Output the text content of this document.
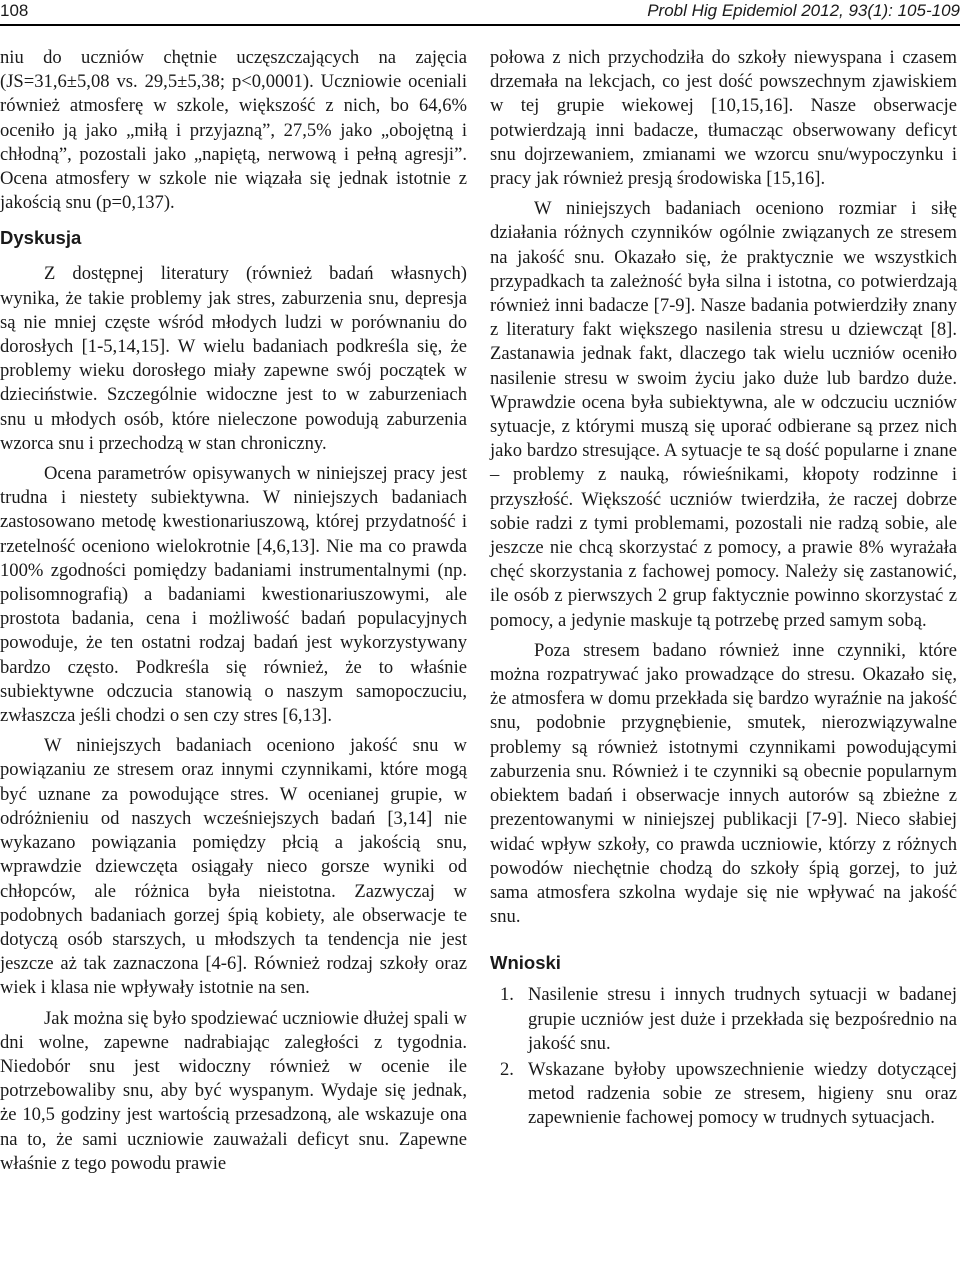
108	Probl Hig Epidemiol 2012, 93(1): 105-109

niu do uczniów chętnie uczęszczających na zajęcia (JS=31,6±5,08 vs. 29,5±5,38; p<0,0001). Uczniowie oceniali również atmosferę w szkole, większość z nich, bo 64,6% oceniło ją jako „miłą i przyjazną”, 27,5% jako „obojętną i chłodną”, pozostali jako „napiętą, nerwową i pełną agresji”. Ocena atmosfery w szkole nie wiązała się jednak istotnie z jakością snu (p=0,137).

Dyskusja

Z dostępnej literatury (również badań własnych) wynika, że takie problemy jak stres, zaburzenia snu, depresja są nie mniej częste wśród młodych ludzi w porównaniu do dorosłych [1-5,14,15]. W wielu badaniach podkreśla się, że problemy wieku dorosłego miały zapewne swój początek w dzieciństwie. Szczególnie widoczne jest to w zaburzeniach snu u młodych osób, które nieleczone powodują zaburzenia wzorca snu i przechodzą w stan chroniczny.

Ocena parametrów opisywanych w niniejszej pracy jest trudna i niestety subiektywna. W niniejszych badaniach zastosowano metodę kwestionariuszową, której przydatność i rzetelność oceniono wielokrotnie [4,6,13]. Nie ma co prawda 100% zgodności pomiędzy badaniami instrumentalnymi (np. polisomnografią) a badaniami kwestionariuszowymi, ale prostota badania, cena i możliwość badań populacyjnych powoduje, że ten ostatni rodzaj badań jest wykorzystywany bardzo często. Podkreśla się również, że to właśnie subiektywne odczucia stanowią o naszym samopoczuciu, zwłaszcza jeśli chodzi o sen czy stres [6,13].

W niniejszych badaniach oceniono jakość snu w powiązaniu ze stresem oraz innymi czynnikami, które mogą być uznane za powodujące stres. W ocenianej grupie, w odróżnieniu od naszych wcześniejszych badań [3,14] nie wykazano powiązania pomiędzy płcią a jakością snu, wprawdzie dziewczęta osiągały nieco gorsze wyniki od chłopców, ale różnica była nieistotna. Zazwyczaj w podobnych badaniach gorzej śpią kobiety, ale obserwacje te dotyczą osób starszych, u młodszych ta tendencja nie jest jeszcze aż tak zaznaczona [4-6]. Również rodzaj szkoły oraz wiek i klasa nie wpływały istotnie na sen.

Jak można się było spodziewać uczniowie dłużej spali w dni wolne, zapewne nadrabiając zaległości z tygodnia. Niedobór snu jest widoczny również w ocenie ile potrzebowaliby snu, aby być wyspanym. Wydaje się jednak, że 10,5 godziny jest wartością przesadzoną, ale wskazuje ona na to, że sami uczniowie zauważali deficyt snu. Zapewne właśnie z tego powodu prawie

połowa z nich przychodziła do szkoły niewyspana i czasem drzemała na lekcjach, co jest dość powszechnym zjawiskiem w tej grupie wiekowej [10,15,16]. Nasze obserwacje potwierdzają inni badacze, tłumacząc obserwowany deficyt snu dojrzewaniem, zmianami we wzorcu snu/wypoczynku i pracy jak również presją środowiska [15,16].

W niniejszych badaniach oceniono rozmiar i siłę działania różnych czynników ogólnie związanych ze stresem na jakość snu. Okazało się, że praktycznie we wszystkich przypadkach ta zależność była silna i istotna, co potwierdzają również inni badacze [7-9]. Nasze badania potwierdziły znany z literatury fakt większego nasilenia stresu u dziewcząt [8]. Zastanawia jednak fakt, dlaczego tak wielu uczniów oceniło nasilenie stresu w swoim życiu jako duże lub bardzo duże. Wprawdzie ocena była subiektywna, ale w odczuciu uczniów sytuacje, z którymi muszą się uporać odbierane są przez nich jako bardzo stresujące. A sytuacje te są dość popularne i znane – problemy z nauką, rówieśnikami, kłopoty rodzinne i przyszłość. Większość uczniów twierdziła, że raczej dobrze sobie radzi z tymi problemami, pozostali nie radzą sobie, ale jeszcze nie chcą skorzystać z pomocy, a prawie 8% wyrażała chęć skorzystania z fachowej pomocy. Należy się zastanowić, ile osób z pierwszych 2 grup faktycznie powinno skorzystać z pomocy, a jedynie maskuje tą potrzebę przed samym sobą.

Poza stresem badano również inne czynniki, które można rozpatrywać jako prowadzące do stresu. Okazało się, że atmosfera w domu przekłada się bardzo wyraźnie na jakość snu, podobnie przygnębienie, smutek, nierozwiązywalne problemy są również istotnymi czynnikami powodującymi zaburzenia snu. Również i te czynniki są obecnie popularnym obiektem badań i obserwacje innych autorów są zbieżne z prezentowanymi w niniejszej publikacji [7-9]. Nieco słabiej widać wpływ szkoły, co prawda uczniowie, którzy z różnych powodów niechętnie chodzą do szkoły śpią gorzej, to już sama atmosfera szkolna wydaje się nie wpływać na jakość snu.

Wnioski
1. Nasilenie stresu i innych trudnych sytuacji w badanej grupie uczniów jest duże i przekłada się bezpośrednio na jakość snu.
2. Wskazane byłoby upowszechnienie wiedzy dotyczącej metod radzenia sobie ze stresem, higieny snu oraz zapewnienie fachowej pomocy w trudnych sytuacjach.
